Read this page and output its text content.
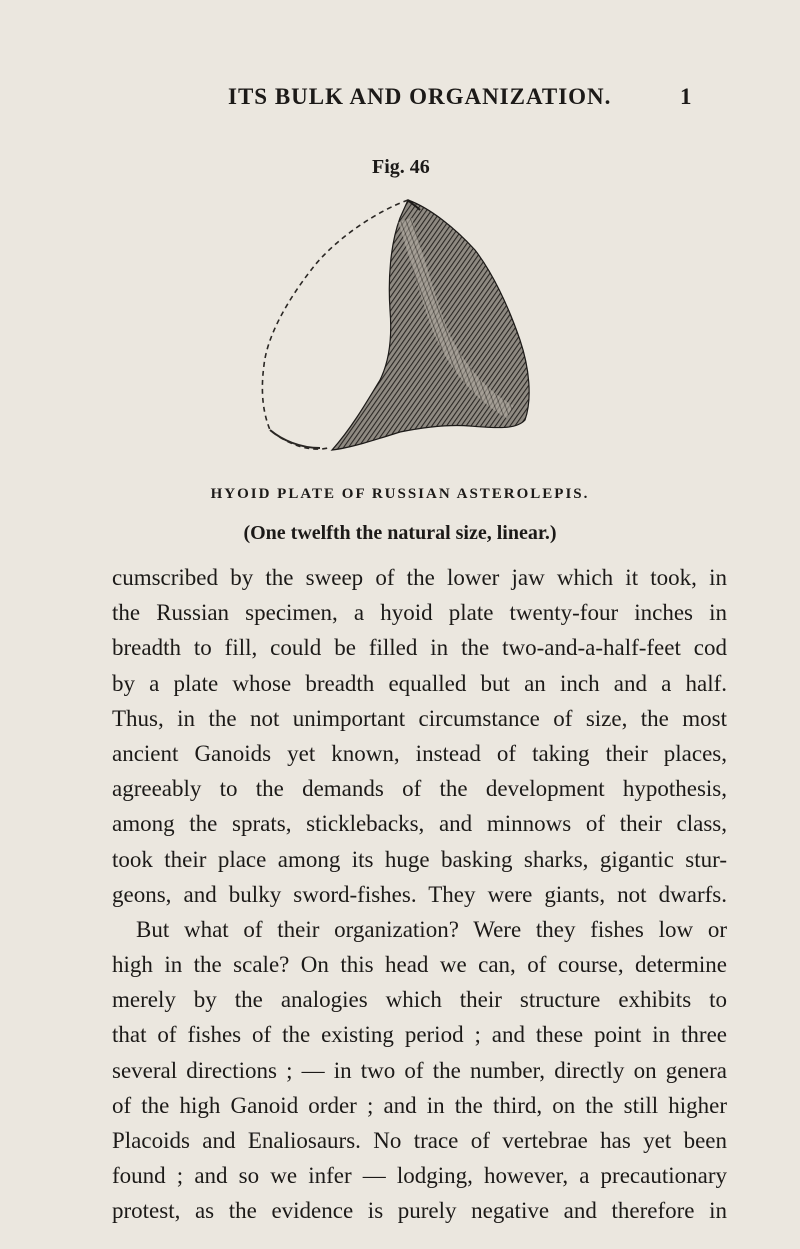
ITS BULK AND ORGANIZATION.	1
Fig. 46
HYOID PLATE OF RUSSIAN ASTEROLEPIS.
(One twelfth the natural size, linear.)
cumscribed by the sweep of the lower jaw which it took, in
the Russian specimen, a hyoid plate twenty-four inches in
breadth to fill, could be filled in the two-and-a-half-feet cod
by a plate whose breadth equalled but an inch and a half.
Thus, in the not unimportant circumstance of size, the most
ancient Ganoids yet known, instead of taking their places,
agreeably to the demands of the development hypothesis,
among the sprats, sticklebacks, and minnows of their class,
took their place among its huge basking sharks, gigantic stur-
geons, and bulky sword-fishes. They were giants, not dwarfs.
But what of their organization? Were they fishes low or
high in the scale? On this head we can, of course, determine
merely by the analogies which their structure exhibits to
that of fishes of the existing period ; and these point in three
several directions ; — in two of the number, directly on genera
of the high Ganoid order ; and in the third, on the still higher
Placoids and Enaliosaurs. No trace of vertebrae has yet been
found ; and so we infer — lodging, however, a precautionary
protest, as the evidence is purely negative and therefore in
